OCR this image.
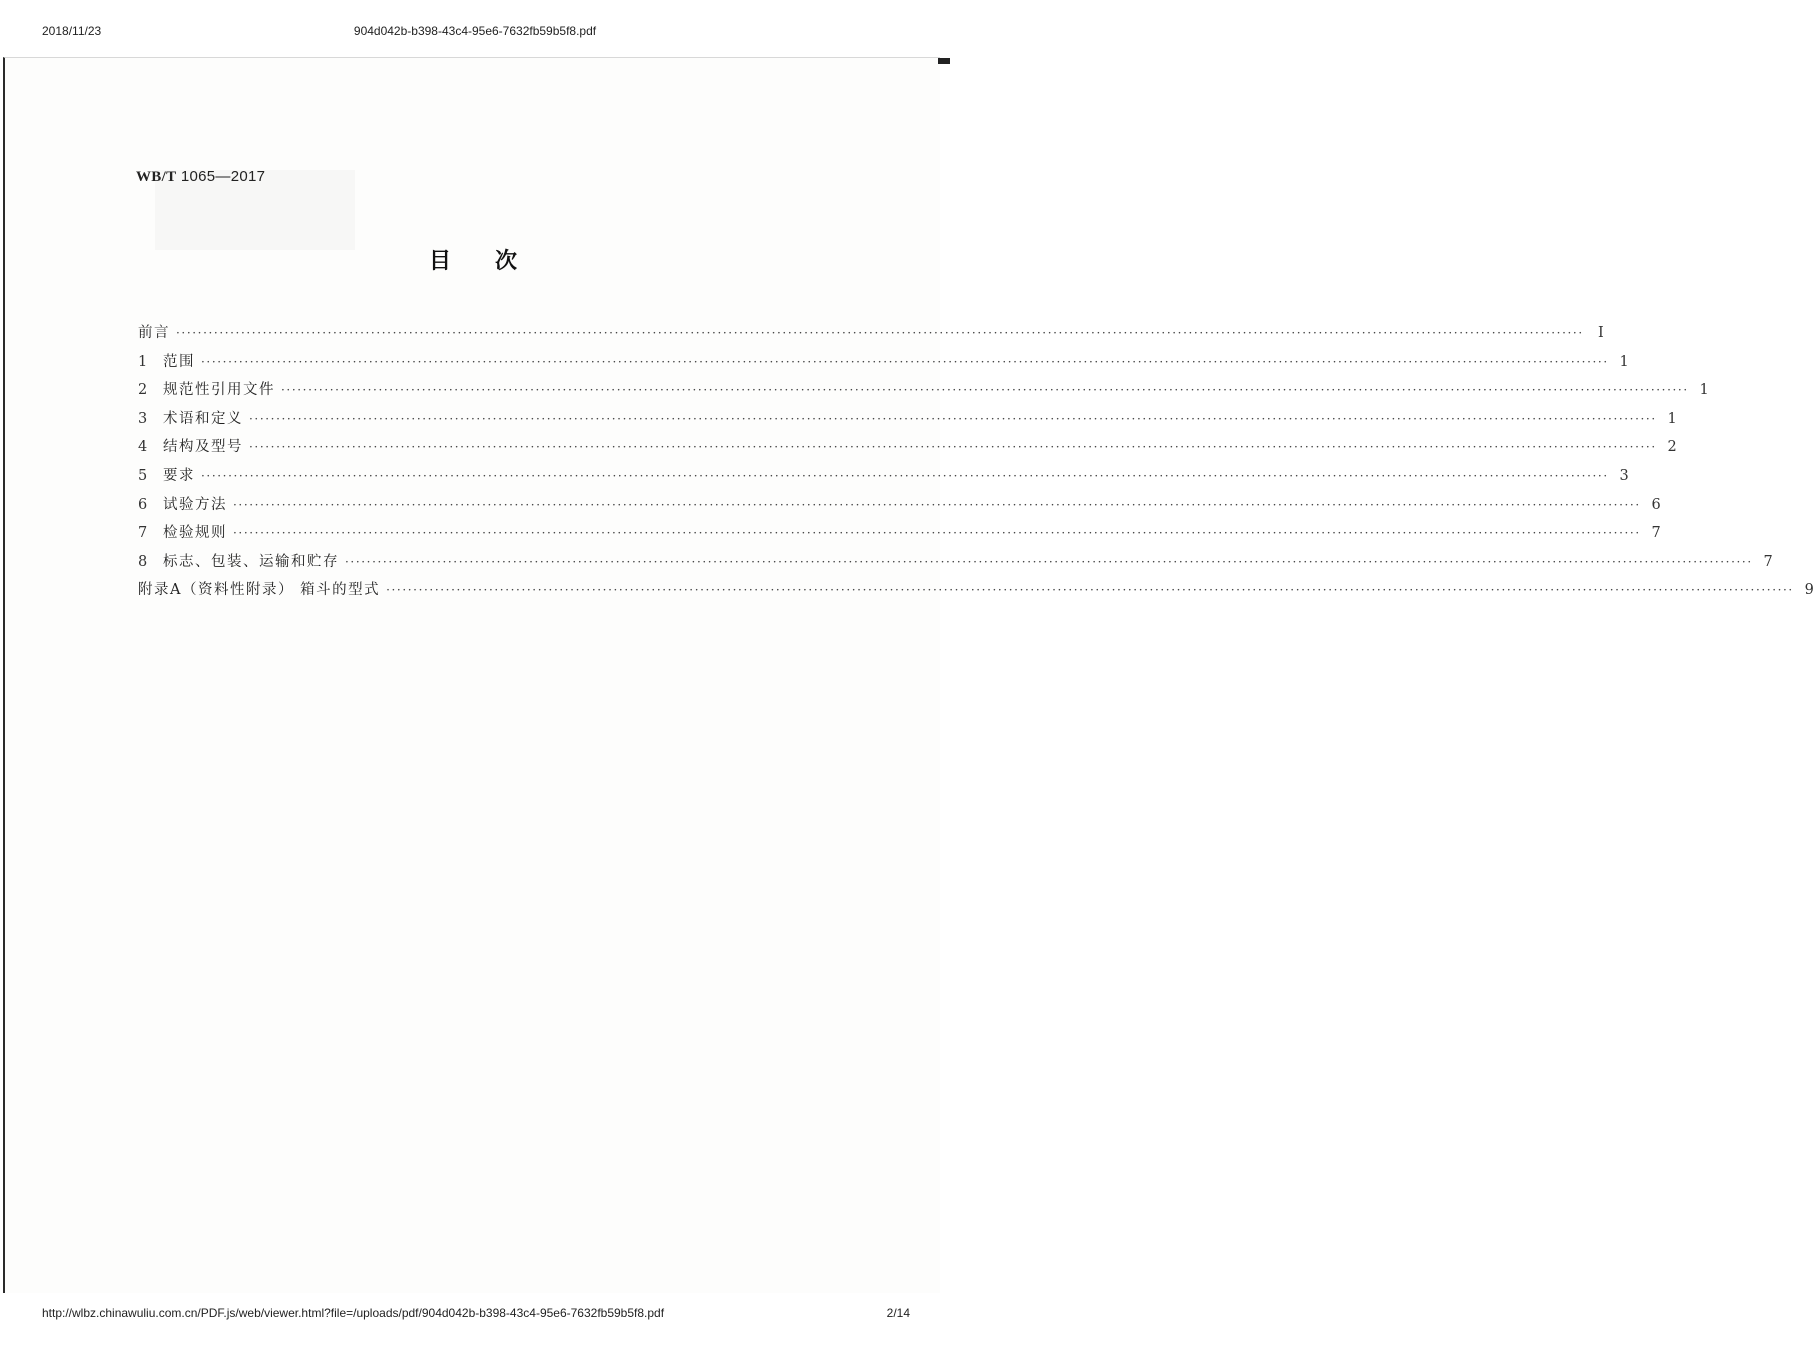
2018/11/23	904d042b-b398-43c4-95e6-7632fb59b5f8.pdf
WB/T 1065—2017
目次
前言 ···································································································································································································································································· I
1	范围 ···································································································································································································································································· 1
2	规范性引用文件 ···································································································································································································································································· 1
3	术语和定义 ···································································································································································································································································· 1
4	结构及型号 ···································································································································································································································································· 2
5	要求 ···································································································································································································································································· 3
6	试验方法 ···································································································································································································································································· 6
7	检验规则 ···································································································································································································································································· 7
8	标志、包装、运输和贮存 ···································································································································································································································································· 7
附录A（资料性附录） 箱斗的型式 ···································································································································································································································································· 9
http://wlbz.chinawuliu.com.cn/PDF.js/web/viewer.html?file=/uploads/pdf/904d042b-b398-43c4-95e6-7632fb59b5f8.pdf	2/14
